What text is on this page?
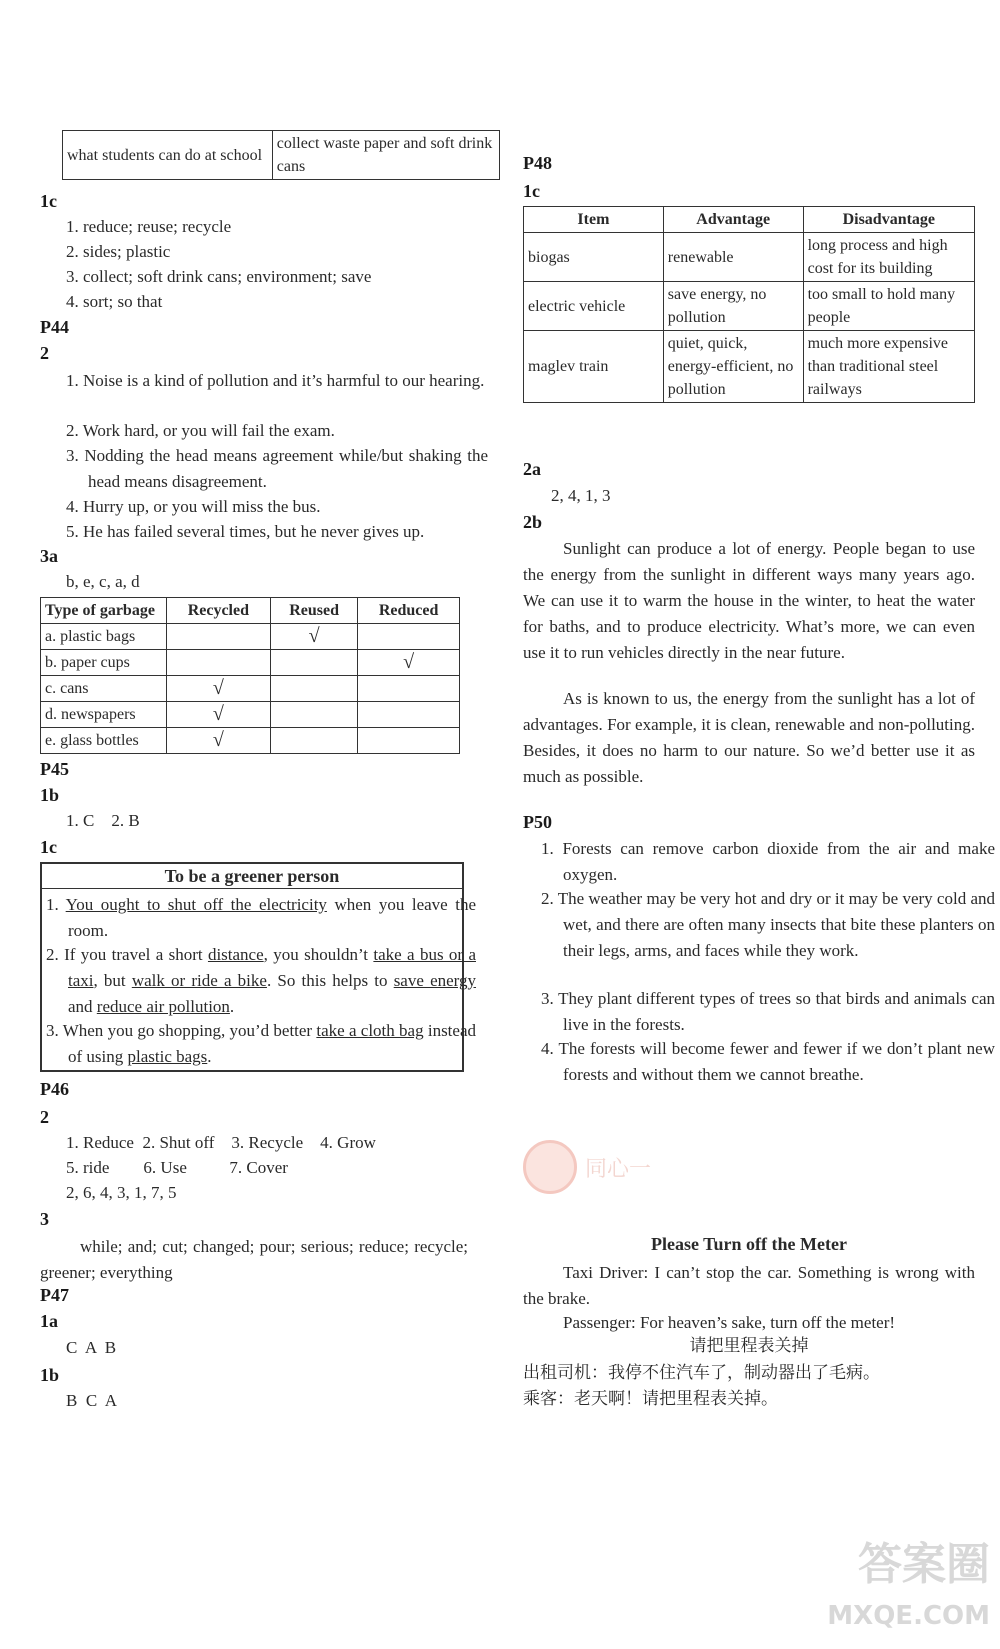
what students can do at school	collect waste paper and soft drink cans
1c
1. reduce; reuse; recycle
2. sides; plastic
3. collect; soft drink cans; environment; save
4. sort; so that
P44
2
1. Noise is a kind of pollution and it’s harmful to our hearing.
2. Work hard, or you will fail the exam.
3. Nodding the head means agreement while/but shaking the head means disagreement.
4. Hurry up, or you will miss the bus.
5. He has failed several times, but he never gives up.
3a
b, e, c, a, d
Type of garbage	Recycled	Reused	Reduced
a. plastic bags		√	
b. paper cups			√
c. cans	√		
d. newspapers	√		
e. glass bottles	√		
P45
1b
1. C    2. B
1c
To be a greener person
1. You ought to shut off the electricity when you leave the room.
2. If you travel a short distance, you shouldn’t take a bus or a taxi, but walk or ride a bike. So this helps to save energy and reduce air pollution.
3. When you go shopping, you’d better take a cloth bag instead of using plastic bags.
P46
2
1. Reduce  2. Shut off    3. Recycle    4. Grow
5. ride        6. Use          7. Cover
2, 6, 4, 3, 1, 7, 5
3
while; and; cut; changed; pour; serious; reduce; recycle; greener; everything
P47
1a
C  A  B
1b
B  C  A
P48
1c
Item	Advantage	Disadvantage
biogas	renewable	long process and high cost for its building
electric vehicle	save energy, no pollution	too small to hold many people
maglev train	quiet, quick, energy-efficient, no pollution	much more expensive than traditional steel railways
2a
2, 4, 1, 3
2b
Sunlight can produce a lot of energy. People began to use the energy from the sunlight in different ways many years ago. We can use it to warm the house in the winter, to heat the water for baths, and to produce electricity. What’s more, we can even use it to run vehicles directly in the near future.
As is known to us, the energy from the sunlight has a lot of advantages. For example, it is clean, renewable and non-polluting. Besides, it does no harm to our nature. So we’d better use it as much as possible.
P50
1. Forests can remove carbon dioxide from the air and make oxygen.
2. The weather may be very hot and dry or it may be very cold and wet, and there are often many insects that bite these planters on their legs, arms, and faces while they work.
3. They plant different types of trees so that birds and animals can live in the forests.
4. The forests will become fewer and fewer if we don’t plant new forests and without them we cannot breathe.
同心一
Please Turn off the Meter
Taxi Driver: I can’t stop the car. Something is wrong with the brake.
Passenger: For heaven’s sake, turn off the meter!
请把里程表关掉
出租司机：我停不住汽车了，制动器出了毛病。
乘客：老天啊！请把里程表关掉。
答案圈
MXQE.COM
